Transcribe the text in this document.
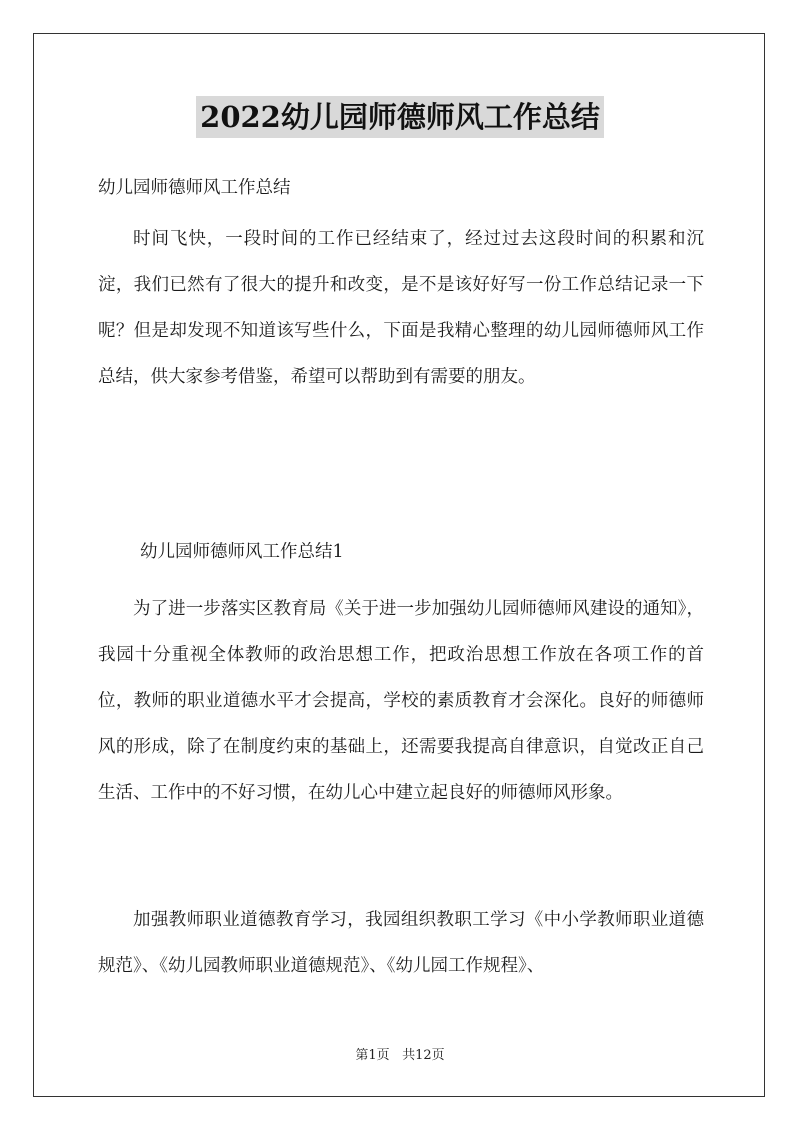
2022幼儿园师德师风工作总结
幼儿园师德师风工作总结

时间飞快，一段时间的工作已经结束了，经过过去这段时间的积累和沉淀，我们已然有了很大的提升和改变，是不是该好好写一份工作总结记录一下呢？但是却发现不知道该写些什么，下面是我精心整理的幼儿园师德师风工作总结，供大家参考借鉴，希望可以帮助到有需要的朋友。

幼儿园师德师风工作总结1

为了进一步落实区教育局《关于进一步加强幼儿园师德师风建设的通知》，我园十分重视全体教师的政治思想工作，把政治思想工作放在各项工作的首位，教师的职业道德水平才会提高，学校的素质教育才会深化。良好的师德师风的形成，除了在制度约束的基础上，还需要我提高自律意识，自觉改正自己生活、工作中的不好习惯，在幼儿心中建立起良好的师德师风形象。

加强教师职业道德教育学习，我园组织教职工学习《中小学教师职业道德规范》、《幼儿园教师职业道德规范》、《幼儿园工作规程》、

第1页 共12页
